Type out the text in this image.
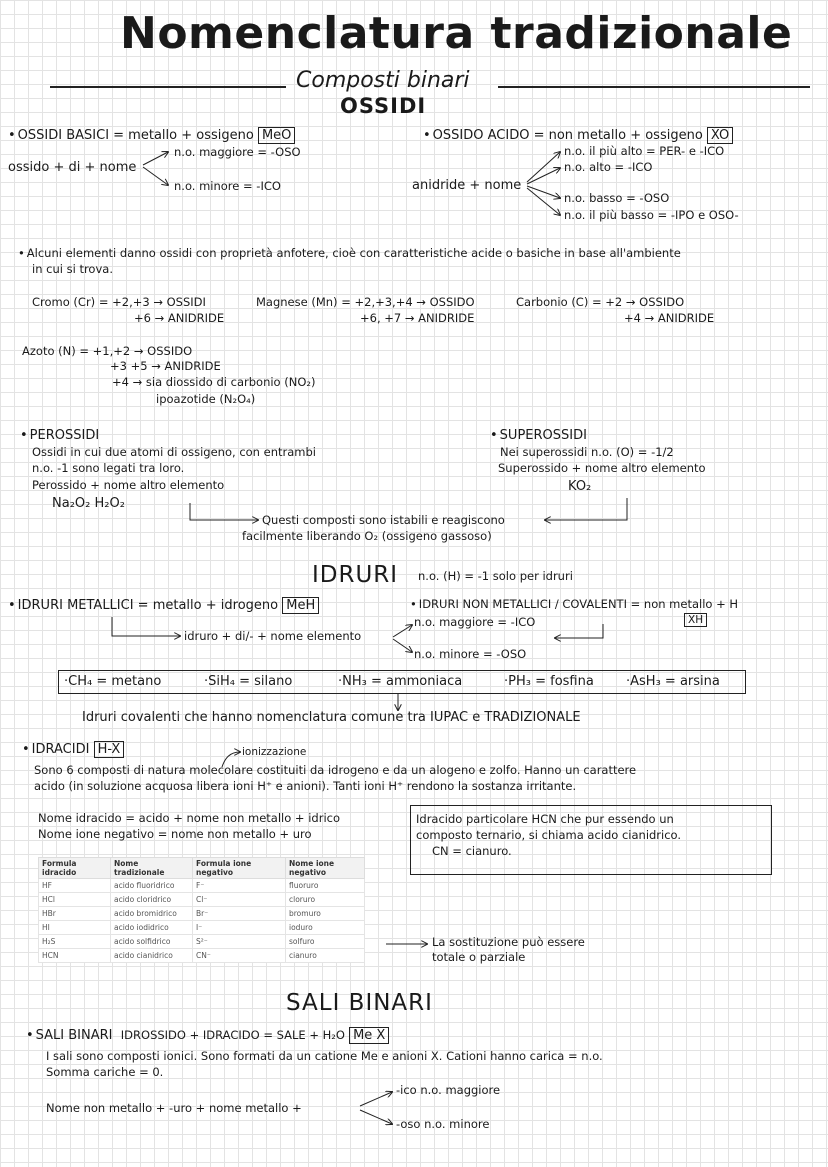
Nomenclatura tradizionale
Composti binari
OSSIDI
• OSSIDI BASICI = metallo + ossigeno MeO
ossido + di + nome
n.o. maggiore = -OSO
n.o. minore = -ICO
• OSSIDO ACIDO = non metallo + ossigeno XO
anidride + nome
n.o. il più alto = PER- e -ICO
n.o. alto = -ICO
n.o. basso = -OSO
n.o. il più basso = -IPO e OSO-
• Alcuni elementi danno ossidi con proprietà anfotere, cioè con caratteristiche acide o basiche in base all'ambiente
in cui si trova.
Cromo (Cr) = +2,+3 → OSSIDI
+6 → ANIDRIDE
Magnese (Mn) = +2,+3,+4 → OSSIDO
+6, +7 → ANIDRIDE
Carbonio (C) = +2 → OSSIDO
+4 → ANIDRIDE
Azoto (N) = +1,+2 → OSSIDO
+3 +5 → ANIDRIDE
+4 → sia diossido di carbonio (NO₂)
ipoazotide (N₂O₄)
• PEROSSIDI
Ossidi in cui due atomi di ossigeno, con entrambi
n.o. -1 sono legati tra loro.
Perossido + nome altro elemento
Na₂O₂ H₂O₂
• SUPEROSSIDI
Nei superossidi n.o. (O) = -1/2
Superossido + nome altro elemento
KO₂
Questi composti sono istabili e reagiscono
facilmente liberando O₂ (ossigeno gassoso)
IDRURI n.o. (H) = -1 solo per idruri
• IDRURI METALLICI = metallo + idrogeno MeH
idruro + di/- + nome elemento
• IDRURI NON METALLICI / COVALENTI = non metallo + H
XH
n.o. maggiore = -ICO
n.o. minore = -OSO
·CH₄ = metano	·SiH₄ = silano	·NH₃ = ammoniaca	·PH₃ = fosfina ·AsH₃ = arsina
Idruri covalenti che hanno nomenclatura comune tra IUPAC e TRADIZIONALE
• IDRACIDI H-X	ionizzazione
Sono 6 composti di natura molecolare costituiti da idrogeno e da un alogeno e zolfo. Hanno un carattere
acido (in soluzione acquosa libera ioni H⁺ e anioni). Tanti ioni H⁺ rendono la sostanza irritante.
Nome idracido = acido + nome non metallo + idrico
Nome ione negativo = nome non metallo + uro
Idracido particolare HCN che pur essendo un
composto ternario, si chiama acido cianidrico.
CN = cianuro.
Formula idracido	Nome tradizionale	Formula ione negativo	Nome ione negativo
HF	acido fluoridrico	F⁻	fluoruro
HCl	acido cloridrico	Cl⁻	cloruro
HBr	acido bromidrico	Br⁻	bromuro
HI	acido iodidrico	I⁻	ioduro
H₂S	acido solfidrico	S²⁻	solfuro
HCN	acido cianidrico	CN⁻	cianuro
La sostituzione può essere
totale o parziale
SALI BINARI
• SALI BINARI IDROSSIDO + IDRACIDO = SALE + H₂O Me X
I sali sono composti ionici. Sono formati da un catione Me e anioni X. Cationi hanno carica = n.o.
Somma cariche = 0.
Nome non metallo + -uro + nome metallo +
-ico n.o. maggiore
-oso n.o. minore
